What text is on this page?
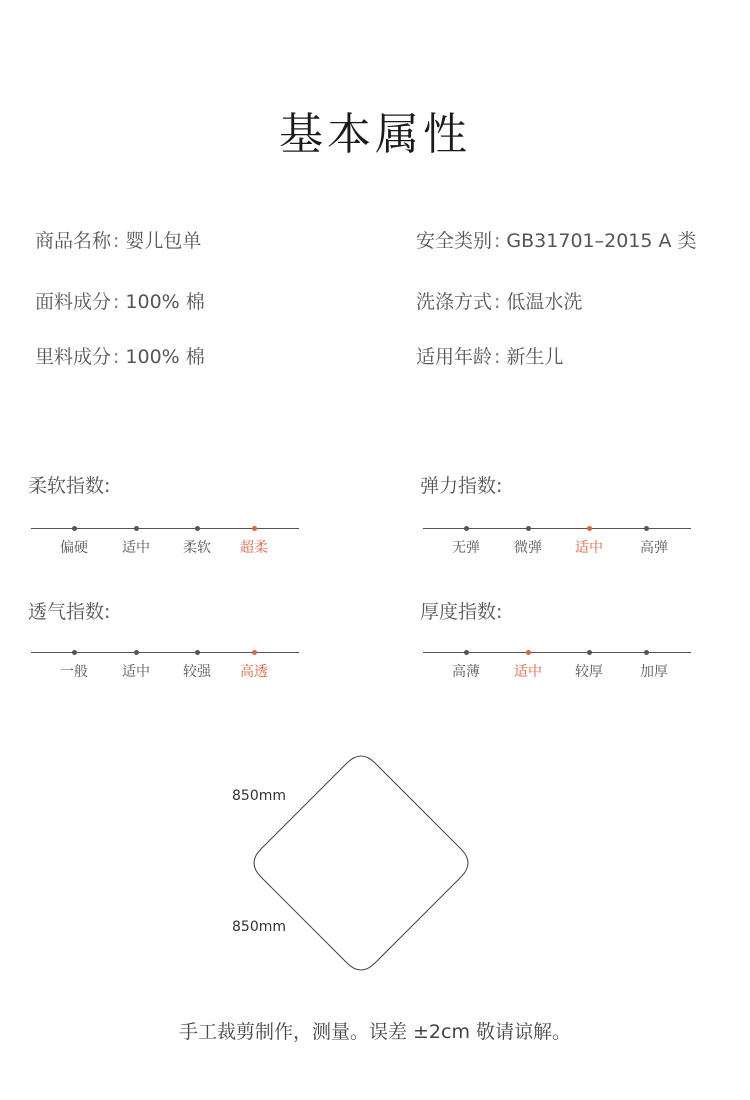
基本属性
商品名称 : 婴儿包单	安全类别 : GB31701–2015 A 类
面料成分 : 100% 棉	洗涤方式 : 低温水洗
里料成分 : 100% 棉	适用年龄 : 新生儿
柔软指数:
偏硬 适中 柔软 超柔
弹力指数:
无弹 微弹 适中	高弹
透气指数:
一般 适中 较强 高透
厚度指数:
高薄 适中 较厚	加厚
850mm
850mm
手工裁剪制作，测量。误差 ±2cm 敬请谅解。
